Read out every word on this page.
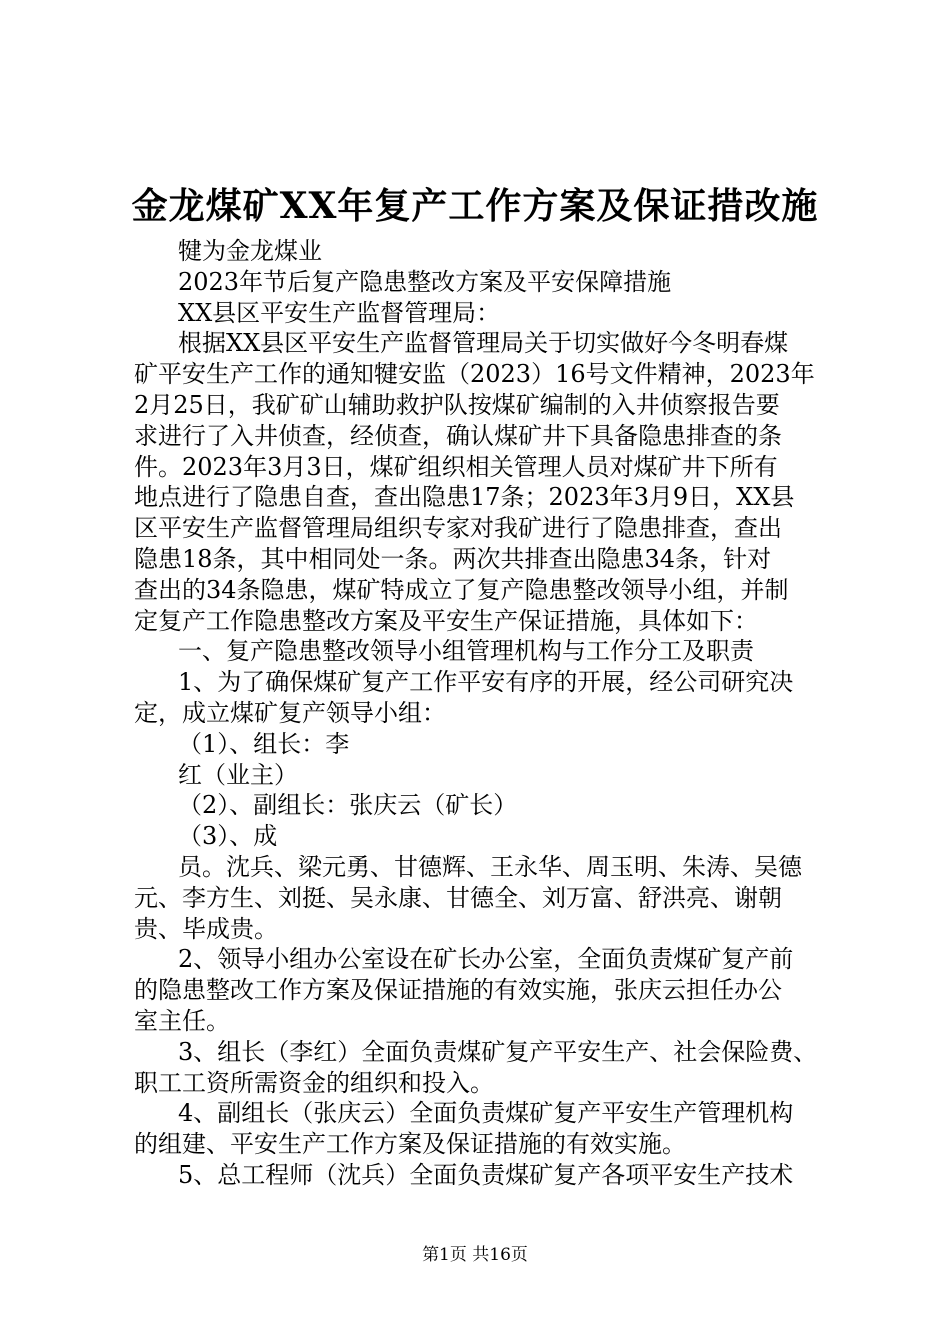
金龙煤矿XX年复产工作方案及保证措改施
犍为金龙煤业
2023年节后复产隐患整改方案及平安保障措施
XX县区平安生产监督管理局：
根据XX县区平安生产监督管理局关于切实做好今冬明春煤
矿平安生产工作的通知犍安监（2023）16号文件精神，2023年
2月25日，我矿矿山辅助救护队按煤矿编制的入井侦察报告要
求进行了入井侦查，经侦查，确认煤矿井下具备隐患排查的条
件。2023年3月3日，煤矿组织相关管理人员对煤矿井下所有
地点进行了隐患自查，查出隐患17条；2023年3月9日，XX县
区平安生产监督管理局组织专家对我矿进行了隐患排查，查出
隐患18条，其中相同处一条。两次共排查出隐患34条，针对
查出的34条隐患，煤矿特成立了复产隐患整改领导小组，并制
定复产工作隐患整改方案及平安生产保证措施，具体如下：
一、复产隐患整改领导小组管理机构与工作分工及职责
1、为了确保煤矿复产工作平安有序的开展，经公司研究决
定，成立煤矿复产领导小组：
（1）、组长：李
红（业主）
（2）、副组长：张庆云（矿长）
（3）、成
员。沈兵、梁元勇、甘德辉、王永华、周玉明、朱涛、吴德
元、李方生、刘挺、吴永康、甘德全、刘万富、舒洪亮、谢朝
贵、毕成贵。
2、领导小组办公室设在矿长办公室，全面负责煤矿复产前
的隐患整改工作方案及保证措施的有效实施，张庆云担任办公
室主任。
3、组长（李红）全面负责煤矿复产平安生产、社会保险费、
职工工资所需资金的组织和投入。
4、副组长（张庆云）全面负责煤矿复产平安生产管理机构
的组建、平安生产工作方案及保证措施的有效实施。
5、总工程师（沈兵）全面负责煤矿复产各项平安生产技术
第1页 共16页
